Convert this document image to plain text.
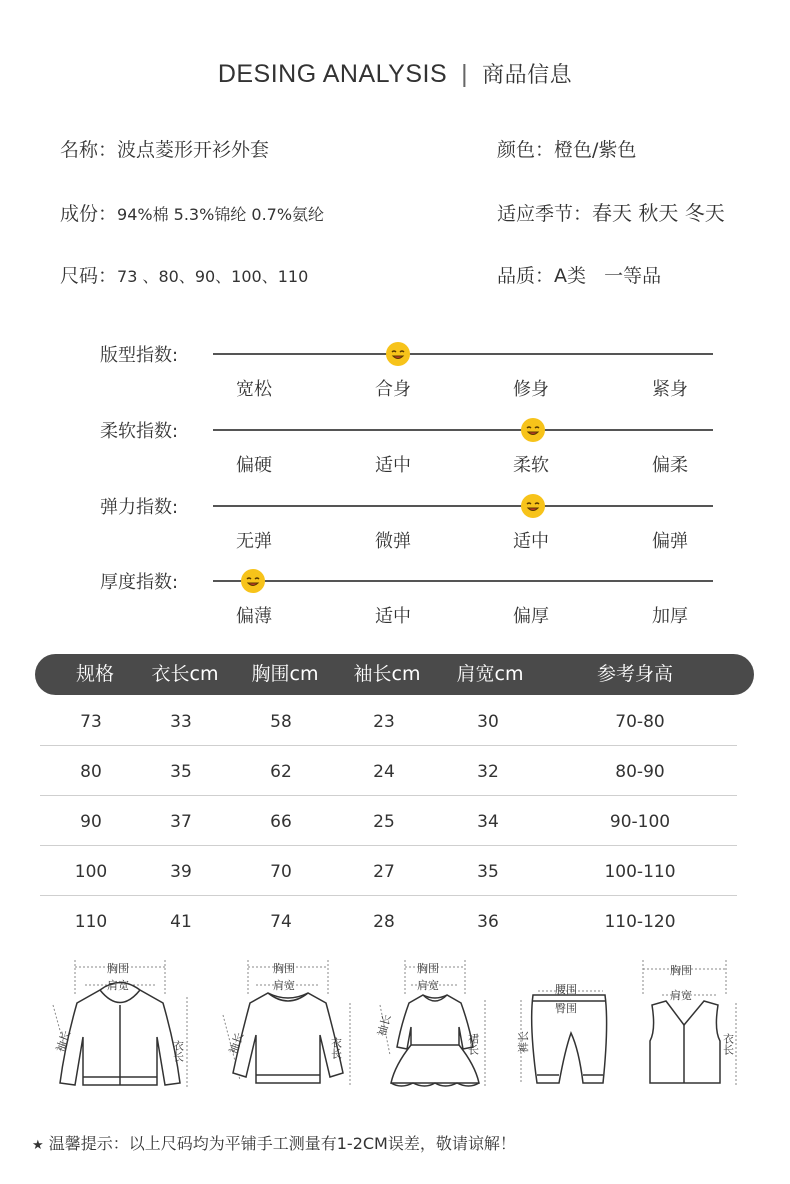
DESING ANALYSIS | 商品信息
名称：波点菱形开衫外套	颜色：橙色/紫色
成份：94%棉 5.3%锦纶 0.7%氨纶	适应季节：春天 秋天 冬天
尺码：73 、80、90、100、110	品质：A类   一等品
版型指数:
宽松	合身	修身	紧身
柔软指数:
偏硬	适中	柔软	偏柔
弹力指数:
无弹	微弹	适中	偏弹
厚度指数:
偏薄	适中	偏厚	加厚
规格	衣长cm	胸围cm	袖长cm	肩宽cm	参考身高
73	33	58	23	30	70-80
80	35	62	24	32	80-90
90	37	66	25	34	90-100
100	39	70	27	35	100-110
110	41	74	28	36	110-120
胸围
肩宽
袖长	衣长
胸围
肩宽
袖长	衣长
胸围
肩宽
袖长
裙长
腰围
臀围
裤长
胸围
肩宽
衣长
★ 温馨提示：以上尺码均为平铺手工测量有1-2CM误差，敬请谅解！
